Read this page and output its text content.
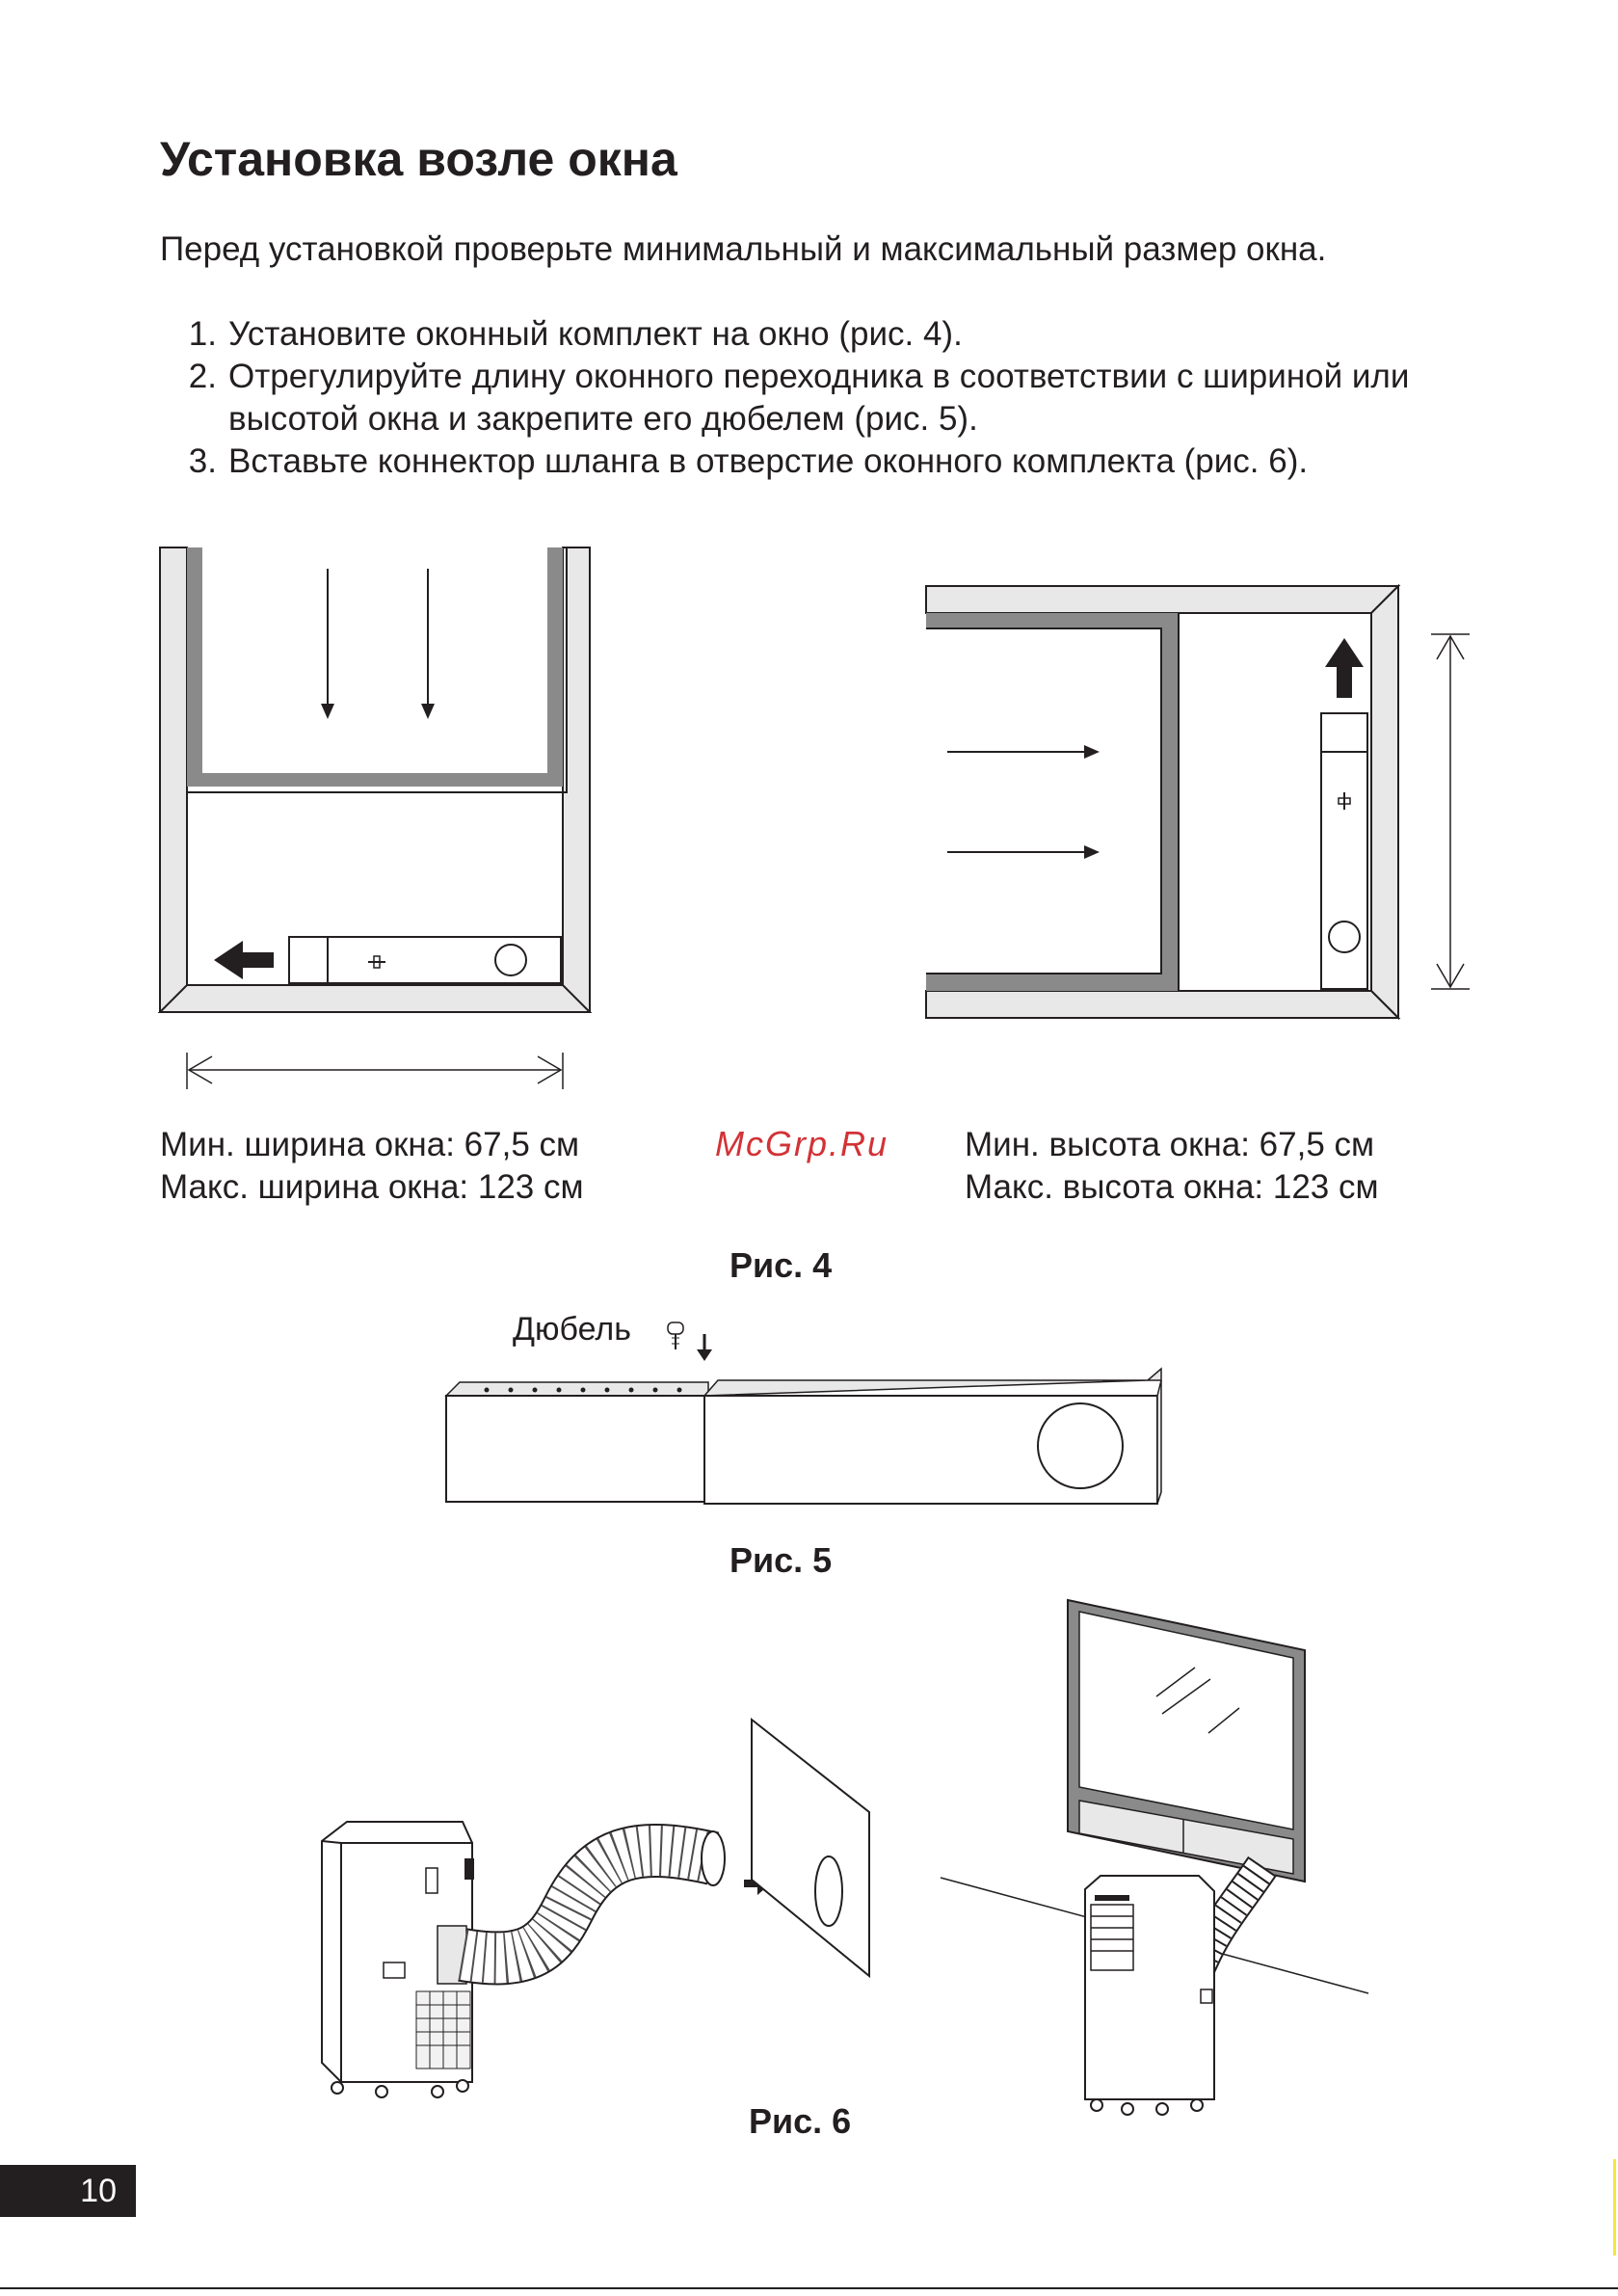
Установка возле окна
Перед установкой проверьте минимальный и максимальный размер окна.
1. Установите оконный комплект на окно (рис. 4).
2. Отрегулируйте длину оконного переходника в соответствии с шириной или высотой окна и закрепите его дюбелем (рис. 5).
3. Вставьте коннектор шланга в отверстие оконного комплекта (рис. 6).
Мин. ширина окна: 67,5 см
Макс. ширина окна: 123 см
McGrp.Ru Мин. высота окна: 67,5 см
Макс. высота окна: 123 см
Рис. 4
Дюбель
Рис. 5
Рис. 6
10
